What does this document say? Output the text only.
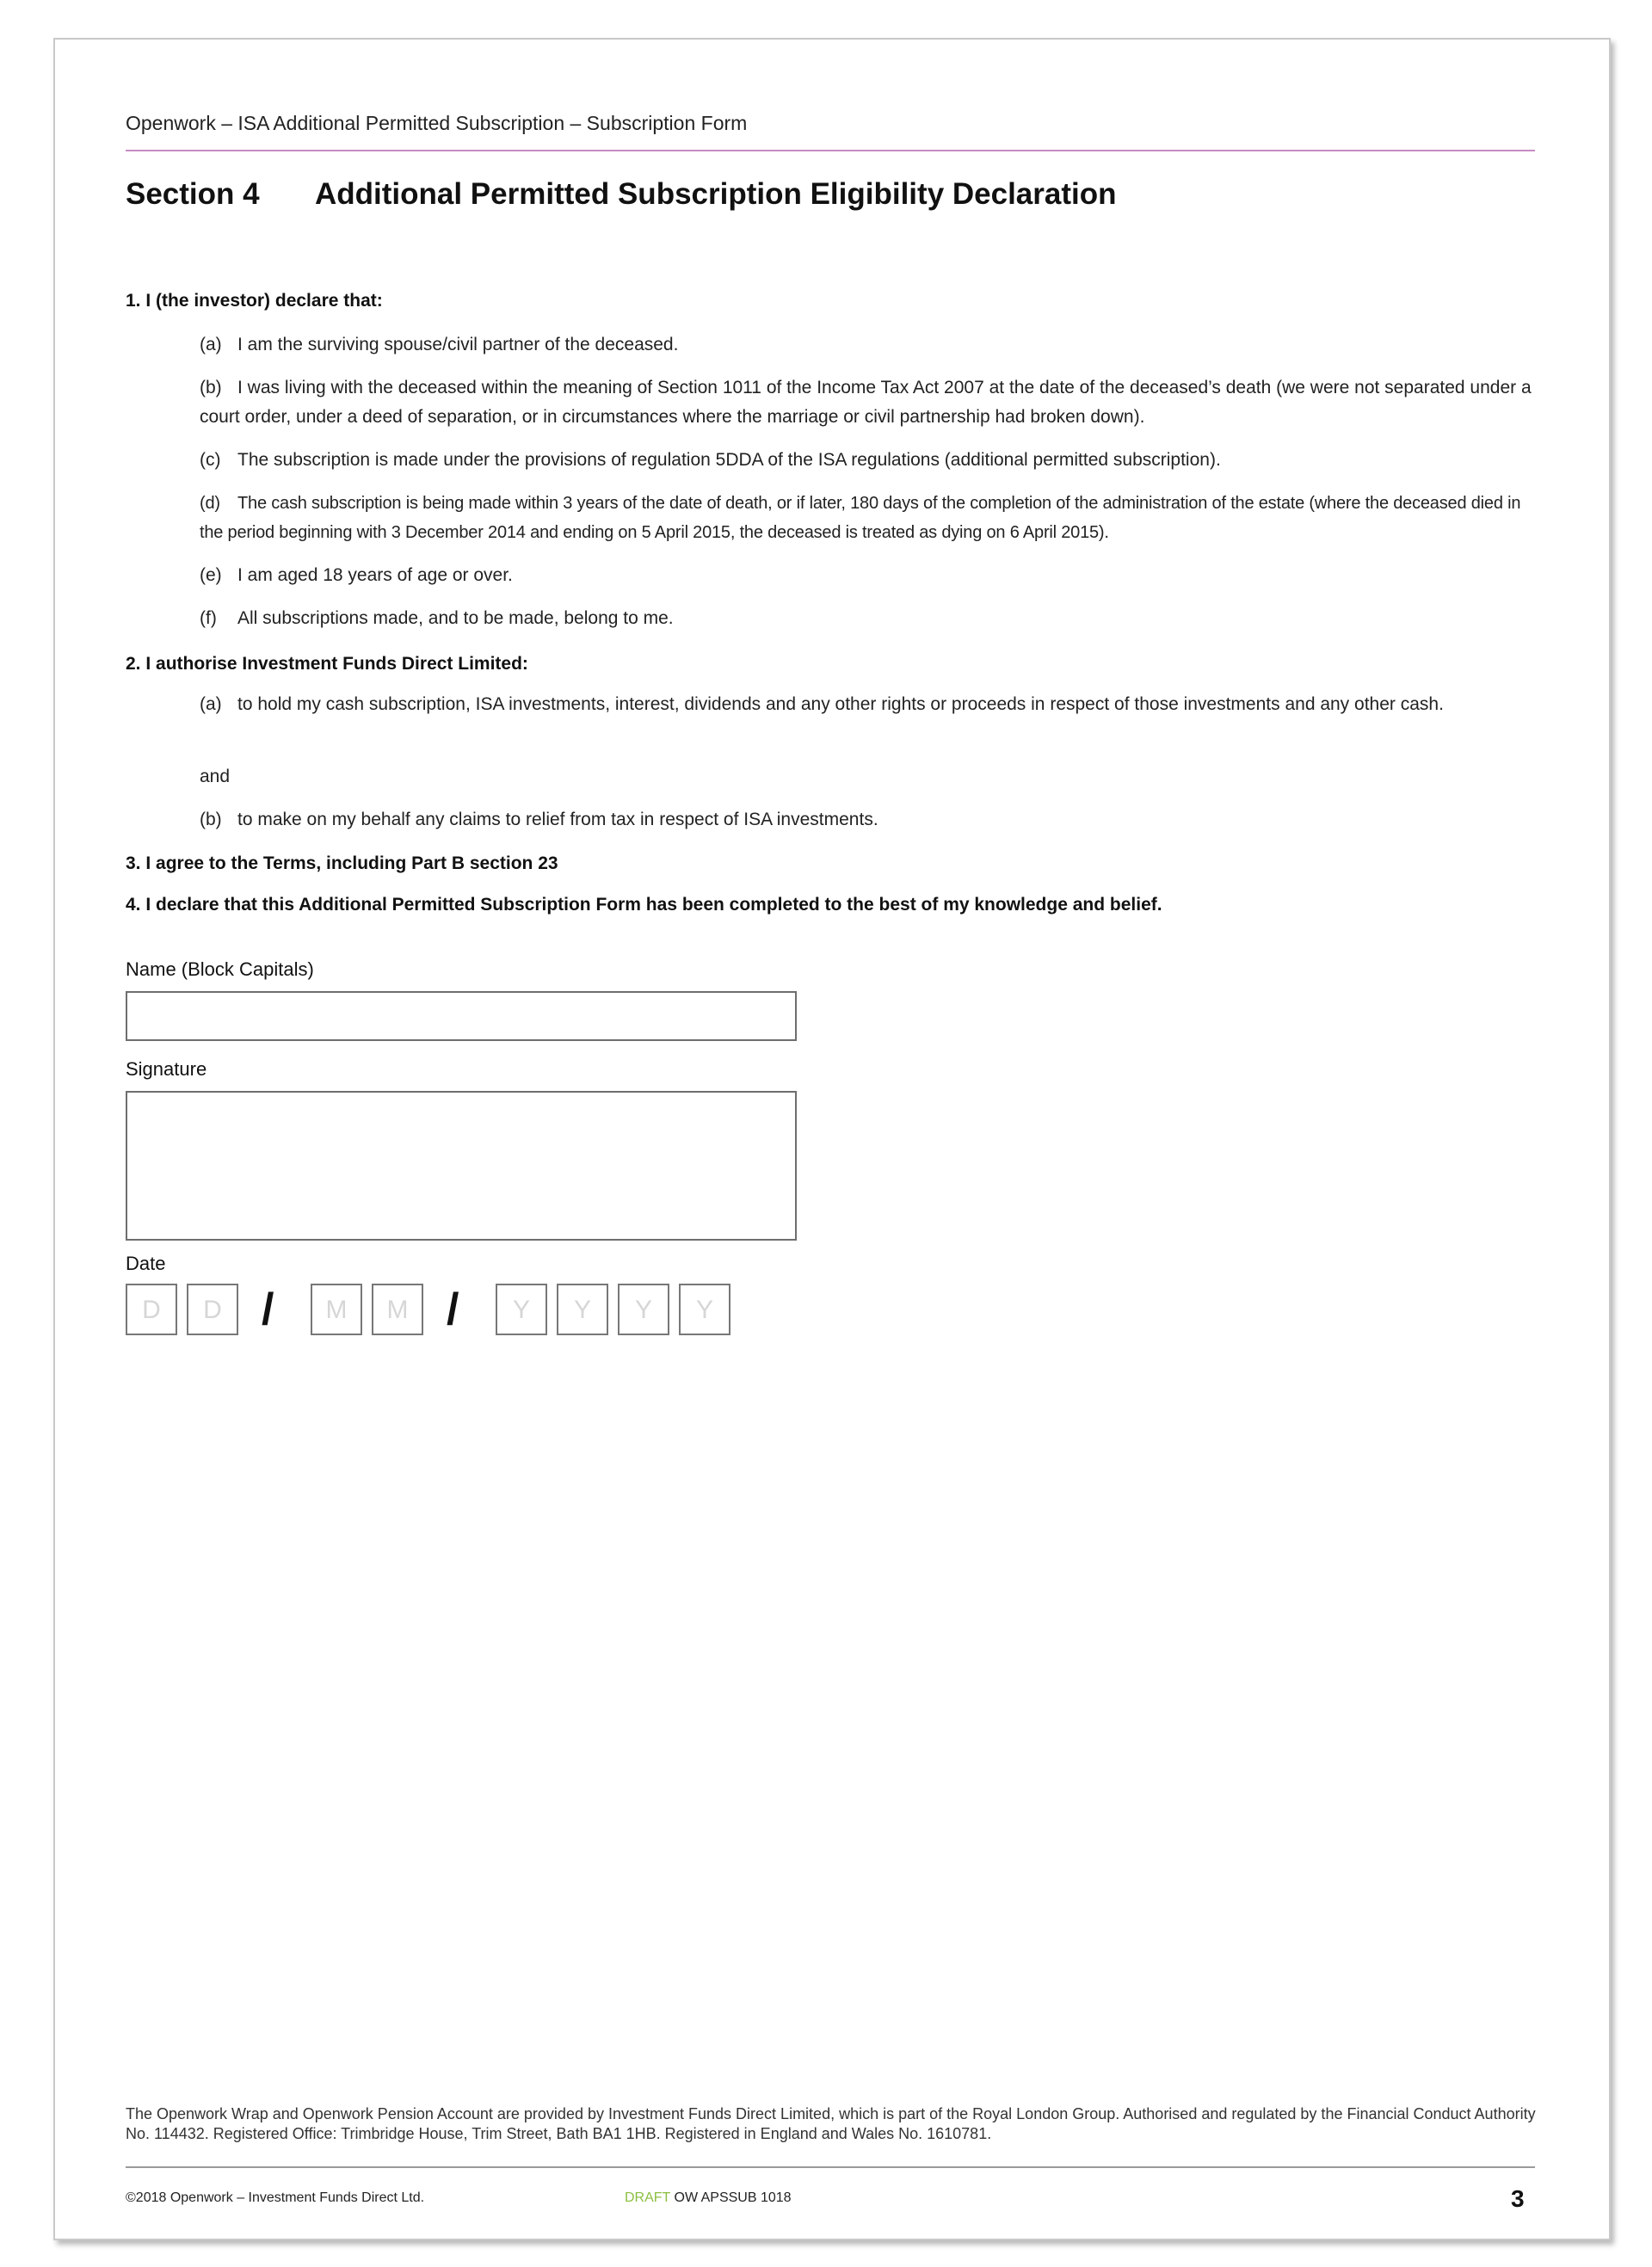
Openwork – ISA Additional Permitted Subscription – Subscription Form
Section 4 Additional Permitted Subscription Eligibility Declaration
1. I (the investor) declare that:
(a) I am the surviving spouse/civil partner of the deceased.
(b) I was living with the deceased within the meaning of Section 1011 of the Income Tax Act 2007 at the date of the deceased’s death (we were not separated under a court order, under a deed of separation, or in circumstances where the marriage or civil partnership had broken down).
(c) The subscription is made under the provisions of regulation 5DDA of the ISA regulations (additional permitted subscription).
(d) The cash subscription is being made within 3 years of the date of death, or if later, 180 days of the completion of the administration of the estate (where the deceased died in the period beginning with 3 December 2014 and ending on 5 April 2015, the deceased is treated as dying on 6 April 2015).
(e) I am aged 18 years of age or over.
(f) All subscriptions made, and to be made, belong to me.
2. I authorise Investment Funds Direct Limited:
(a) to hold my cash subscription, ISA investments, interest, dividends and any other rights or proceeds in respect of those investments and any other cash.
and
(b) to make on my behalf any claims to relief from tax in respect of ISA investments.
3. I agree to the Terms, including Part B section 23
4. I declare that this Additional Permitted Subscription Form has been completed to the best of my knowledge and belief.
Name (Block Capitals)
Signature
Date
D	D /	M	M /	Y	Y	Y	Y
The Openwork Wrap and Openwork Pension Account are provided by Investment Funds Direct Limited, which is part of the Royal London Group. Authorised and regulated by the Financial Conduct Authority No. 114432. Registered Office: Trimbridge House, Trim Street, Bath BA1 1HB. Registered in England and Wales No. 1610781.
©2018 Openwork – Investment Funds Direct Ltd.	DRAFT OW APSSUB 1018	3
